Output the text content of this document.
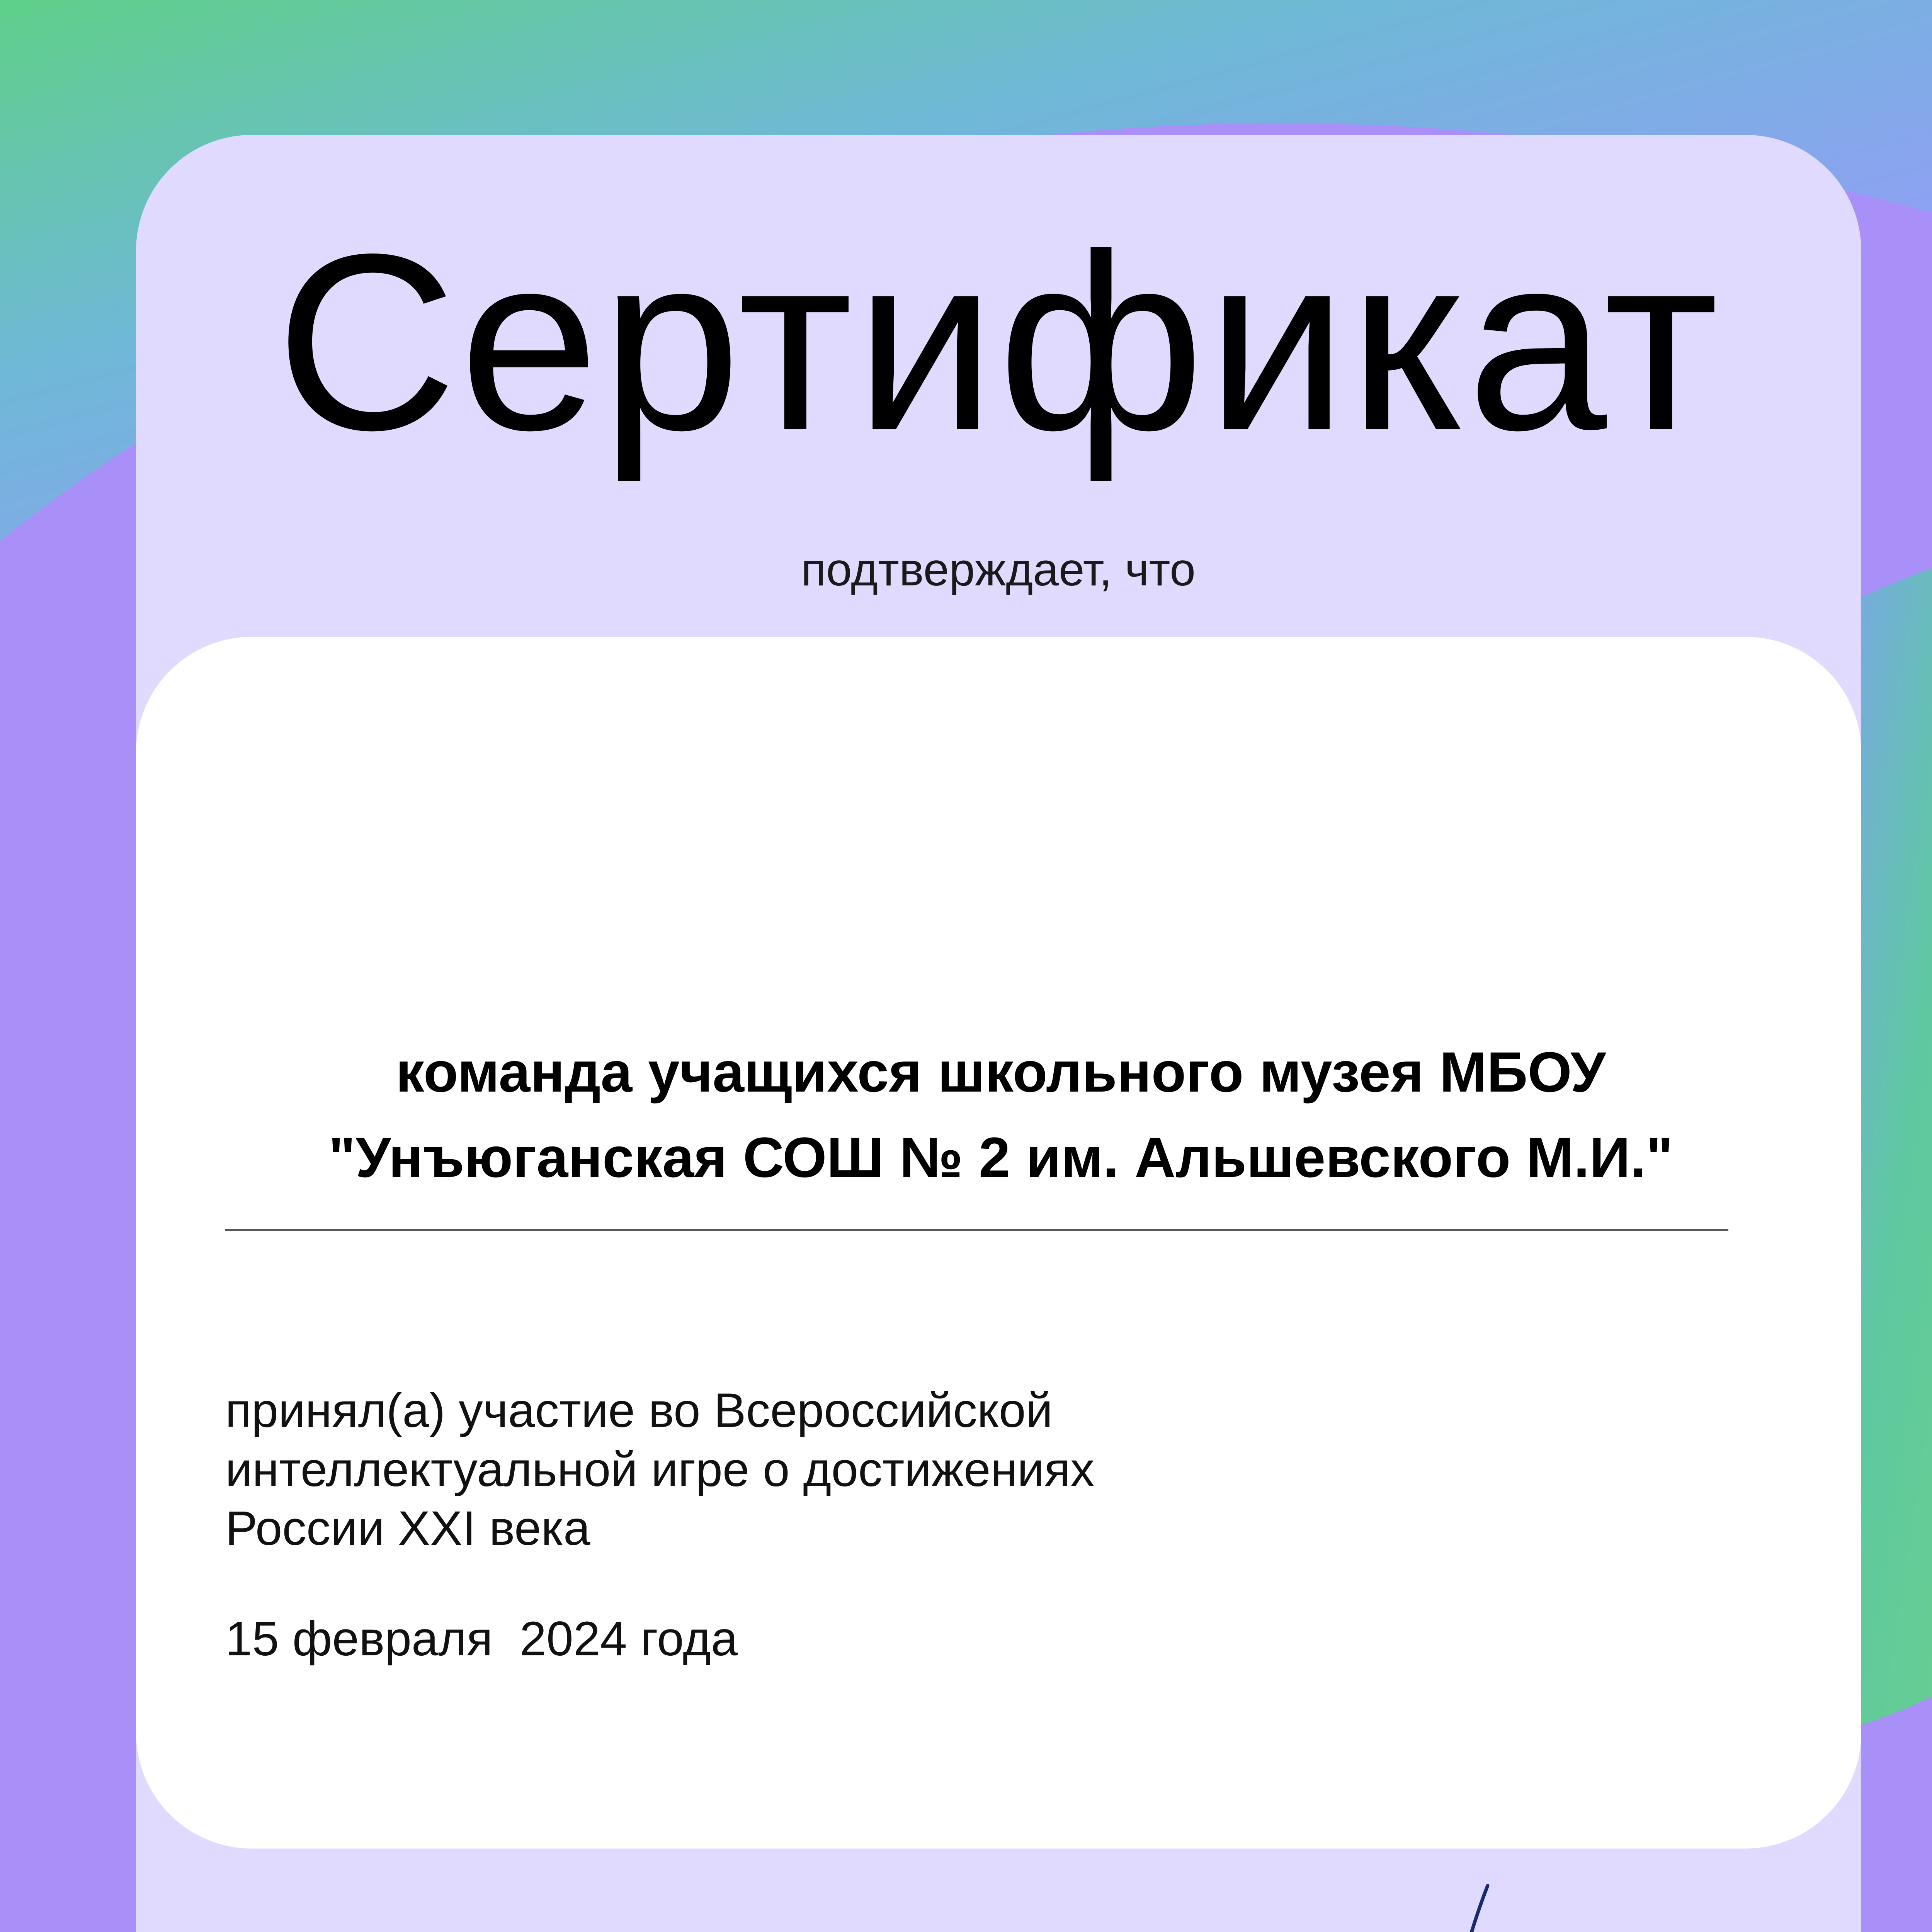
Сертификат
подтверждает, что
команда учащихся школьного музея МБОУ
"Унъюганская СОШ № 2 им. Альшевского М.И."
принял(а) участие во Всероссийской
интеллектуальной игре о достижениях
России XXI века
15 февраля  2024 года
